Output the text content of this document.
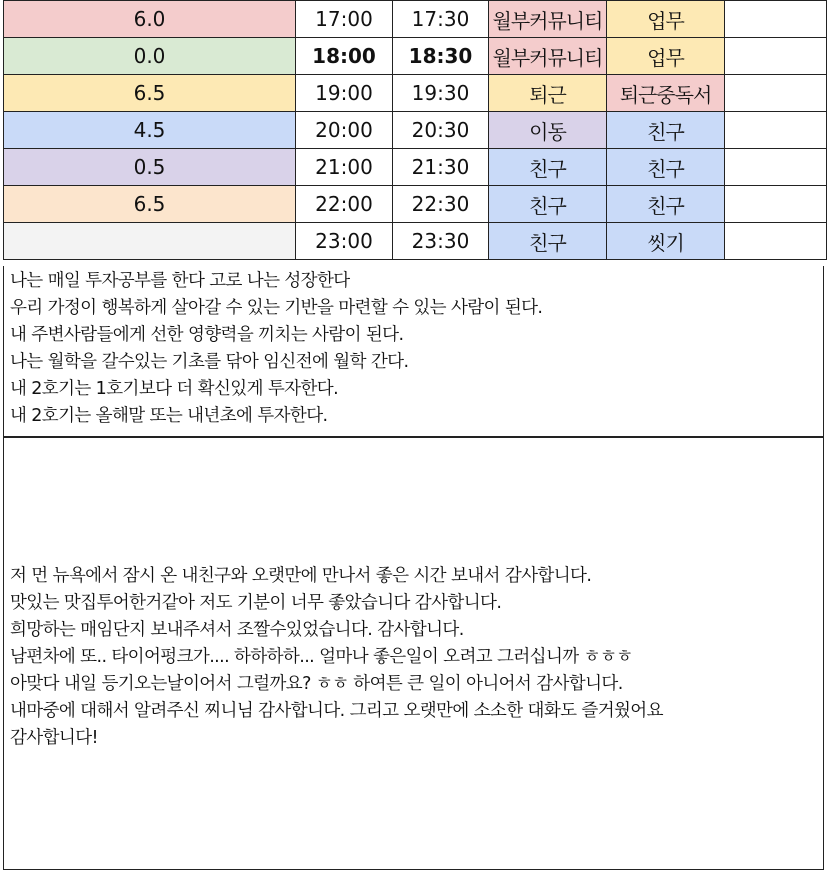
6.0	17:00	17:30	월부커뮤니티	업무	
0.0	18:00	18:30	월부커뮤니티	업무	
6.5	19:00	19:30	퇴근	퇴근중독서	
4.5	20:00	20:30	이동	친구	
0.5	21:00	21:30	친구	친구	
6.5	22:00	22:30	친구	친구	
	23:00	23:30	친구	씻기	
나는 매일 투자공부를 한다 고로 나는 성장한다
우리 가정이 행복하게 살아갈 수 있는 기반을 마련할 수 있는 사람이 된다.
내 주변사람들에게 선한 영향력을 끼치는 사람이 된다.
나는 월학을 갈수있는 기초를 닦아 임신전에 월학 간다.
내 2호기는 1호기보다 더 확신있게 투자한다.
내 2호기는 올해말 또는 내년초에 투자한다.
저 먼 뉴욕에서 잠시 온 내친구와 오랫만에 만나서 좋은 시간 보내서 감사합니다.
맛있는 맛집투어한거같아 저도 기분이 너무 좋았습니다 감사합니다.
희망하는 매임단지 보내주셔서 조짤수있었습니다. 감사합니다.
남편차에 또.. 타이어펑크가.... 하하하하... 얼마나 좋은일이 오려고 그러십니까 ㅎㅎㅎ
아맞다 내일 등기오는날이어서 그럴까요? ㅎㅎ 하여튼 큰 일이 아니어서 감사합니다.
내마중에 대해서 알려주신 찌니님 감사합니다. 그리고 오랫만에 소소한 대화도 즐거웠어요
감사합니다!
